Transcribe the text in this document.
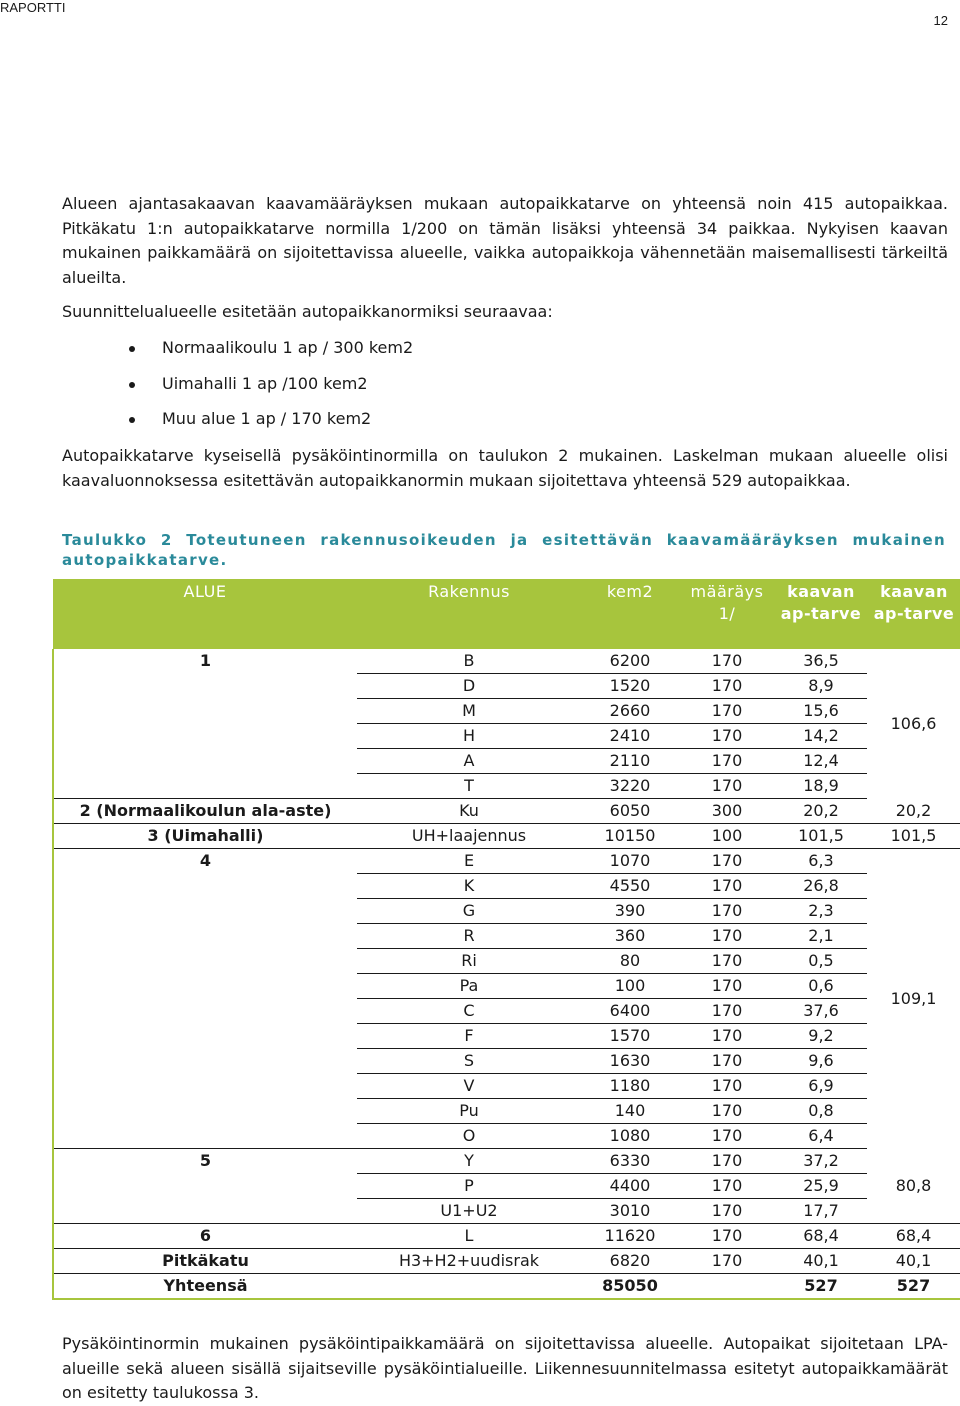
RAPORTTI
12

Alueen ajantasakaavan kaavamääräyksen mukaan autopaikkatarve on yhteensä noin 415 autopaikkaa. Pitkäkatu 1:n autopaikkatarve normilla 1/200 on tämän lisäksi yhteensä 34 paikkaa. Nykyisen kaavan mukainen paikkamäärä on sijoitettavissa alueelle, vaikka autopaikkoja vähennetään maisemallisesti tärkeiltä alueilta.

Suunnittelualueelle esitetään autopaikkanormiksi seuraavaa:

Normaalikoulu 1 ap / 300 kem2
Uimahalli 1 ap /100 kem2
Muu alue 1 ap / 170 kem2

Autopaikkatarve kyseisellä pysäköintinormilla on taulukon 2 mukainen. Laskelman mukaan alueelle olisi kaavaluonnoksessa esitettävän autopaikkanormin mukaan sijoitettava yhteensä 529 autopaikkaa.

Taulukko 2 Toteutuneen rakennusoikeuden ja esitettävän kaavamääräyksen mukainen autopaikkatarve.

ALUE	Rakennus	kem2	määräys 1/	kaavan ap-tarve	kaavan ap-tarve
1	B	6200	170	36,5	106,6
	D	1520	170	8,9	
	M	2660	170	15,6	
	H	2410	170	14,2	
	A	2110	170	12,4	
	T	3220	170	18,9	
2 (Normaalikoulun ala-aste)	Ku	6050	300	20,2	20,2
3 (Uimahalli)	UH+laajennus	10150	100	101,5	101,5
4	E	1070	170	6,3	109,1
	K	4550	170	26,8	
	G	390	170	2,3	
	R	360	170	2,1	
	Ri	80	170	0,5	
	Pa	100	170	0,6	
	C	6400	170	37,6	
	F	1570	170	9,2	
	S	1630	170	9,6	
	V	1180	170	6,9	
	Pu	140	170	0,8	
	O	1080	170	6,4	
5	Y	6330	170	37,2	80,8
	P	4400	170	25,9	
	U1+U2	3010	170	17,7	
6	L	11620	170	68,4	68,4
Pitkäkatu	H3+H2+uudisrak	6820	170	40,1	40,1
Yhteensä		85050		527	527

Pysäköintinormin mukainen pysäköintipaikkamäärä on sijoitettavissa alueelle. Autopaikat sijoitetaan LPA-alueille sekä alueen sisällä sijaitseville pysäköintialueille. Liikennesuunnitelmassa esitetyt autopaikkamäärät on esitetty taulukossa 3.
